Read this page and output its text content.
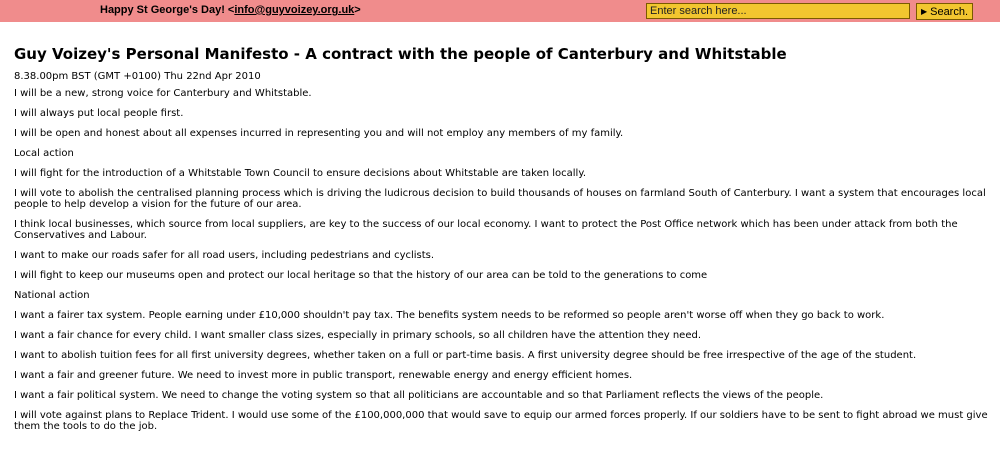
Happy St George's Day! <info@guyvoizey.org.uk>
Enter search here...	▶ Search.
Guy Voizey's Personal Manifesto - A contract with the people of Canterbury and Whitstable
8.38.00pm BST (GMT +0100) Thu 22nd Apr 2010

I will be a new, strong voice for Canterbury and Whitstable.

I will always put local people first.

I will be open and honest about all expenses incurred in representing you and will not employ any members of my family.

Local action

I will fight for the introduction of a Whitstable Town Council to ensure decisions about Whitstable are taken locally.

I will vote to abolish the centralised planning process which is driving the ludicrous decision to build thousands of houses on farmland South of Canterbury. I want a system that encourages local people to help develop a vision for the future of our area.

I think local businesses, which source from local suppliers, are key to the success of our local economy. I want to protect the Post Office network which has been under attack from both the Conservatives and Labour.

I want to make our roads safer for all road users, including pedestrians and cyclists.

I will fight to keep our museums open and protect our local heritage so that the history of our area can be told to the generations to come

National action

I want a fairer tax system. People earning under £10,000 shouldn't pay tax. The benefits system needs to be reformed so people aren't worse off when they go back to work.

I want a fair chance for every child. I want smaller class sizes, especially in primary schools, so all children have the attention they need.

I want to abolish tuition fees for all first university degrees, whether taken on a full or part-time basis. A first university degree should be free irrespective of the age of the student.

I want a fair and greener future. We need to invest more in public transport, renewable energy and energy efficient homes.

I want a fair political system. We need to change the voting system so that all politicians are accountable and so that Parliament reflects the views of the people.

I will vote against plans to Replace Trident. I would use some of the £100,000,000 that would save to equip our armed forces properly. If our soldiers have to be sent to fight abroad we must give them the tools to do the job.
